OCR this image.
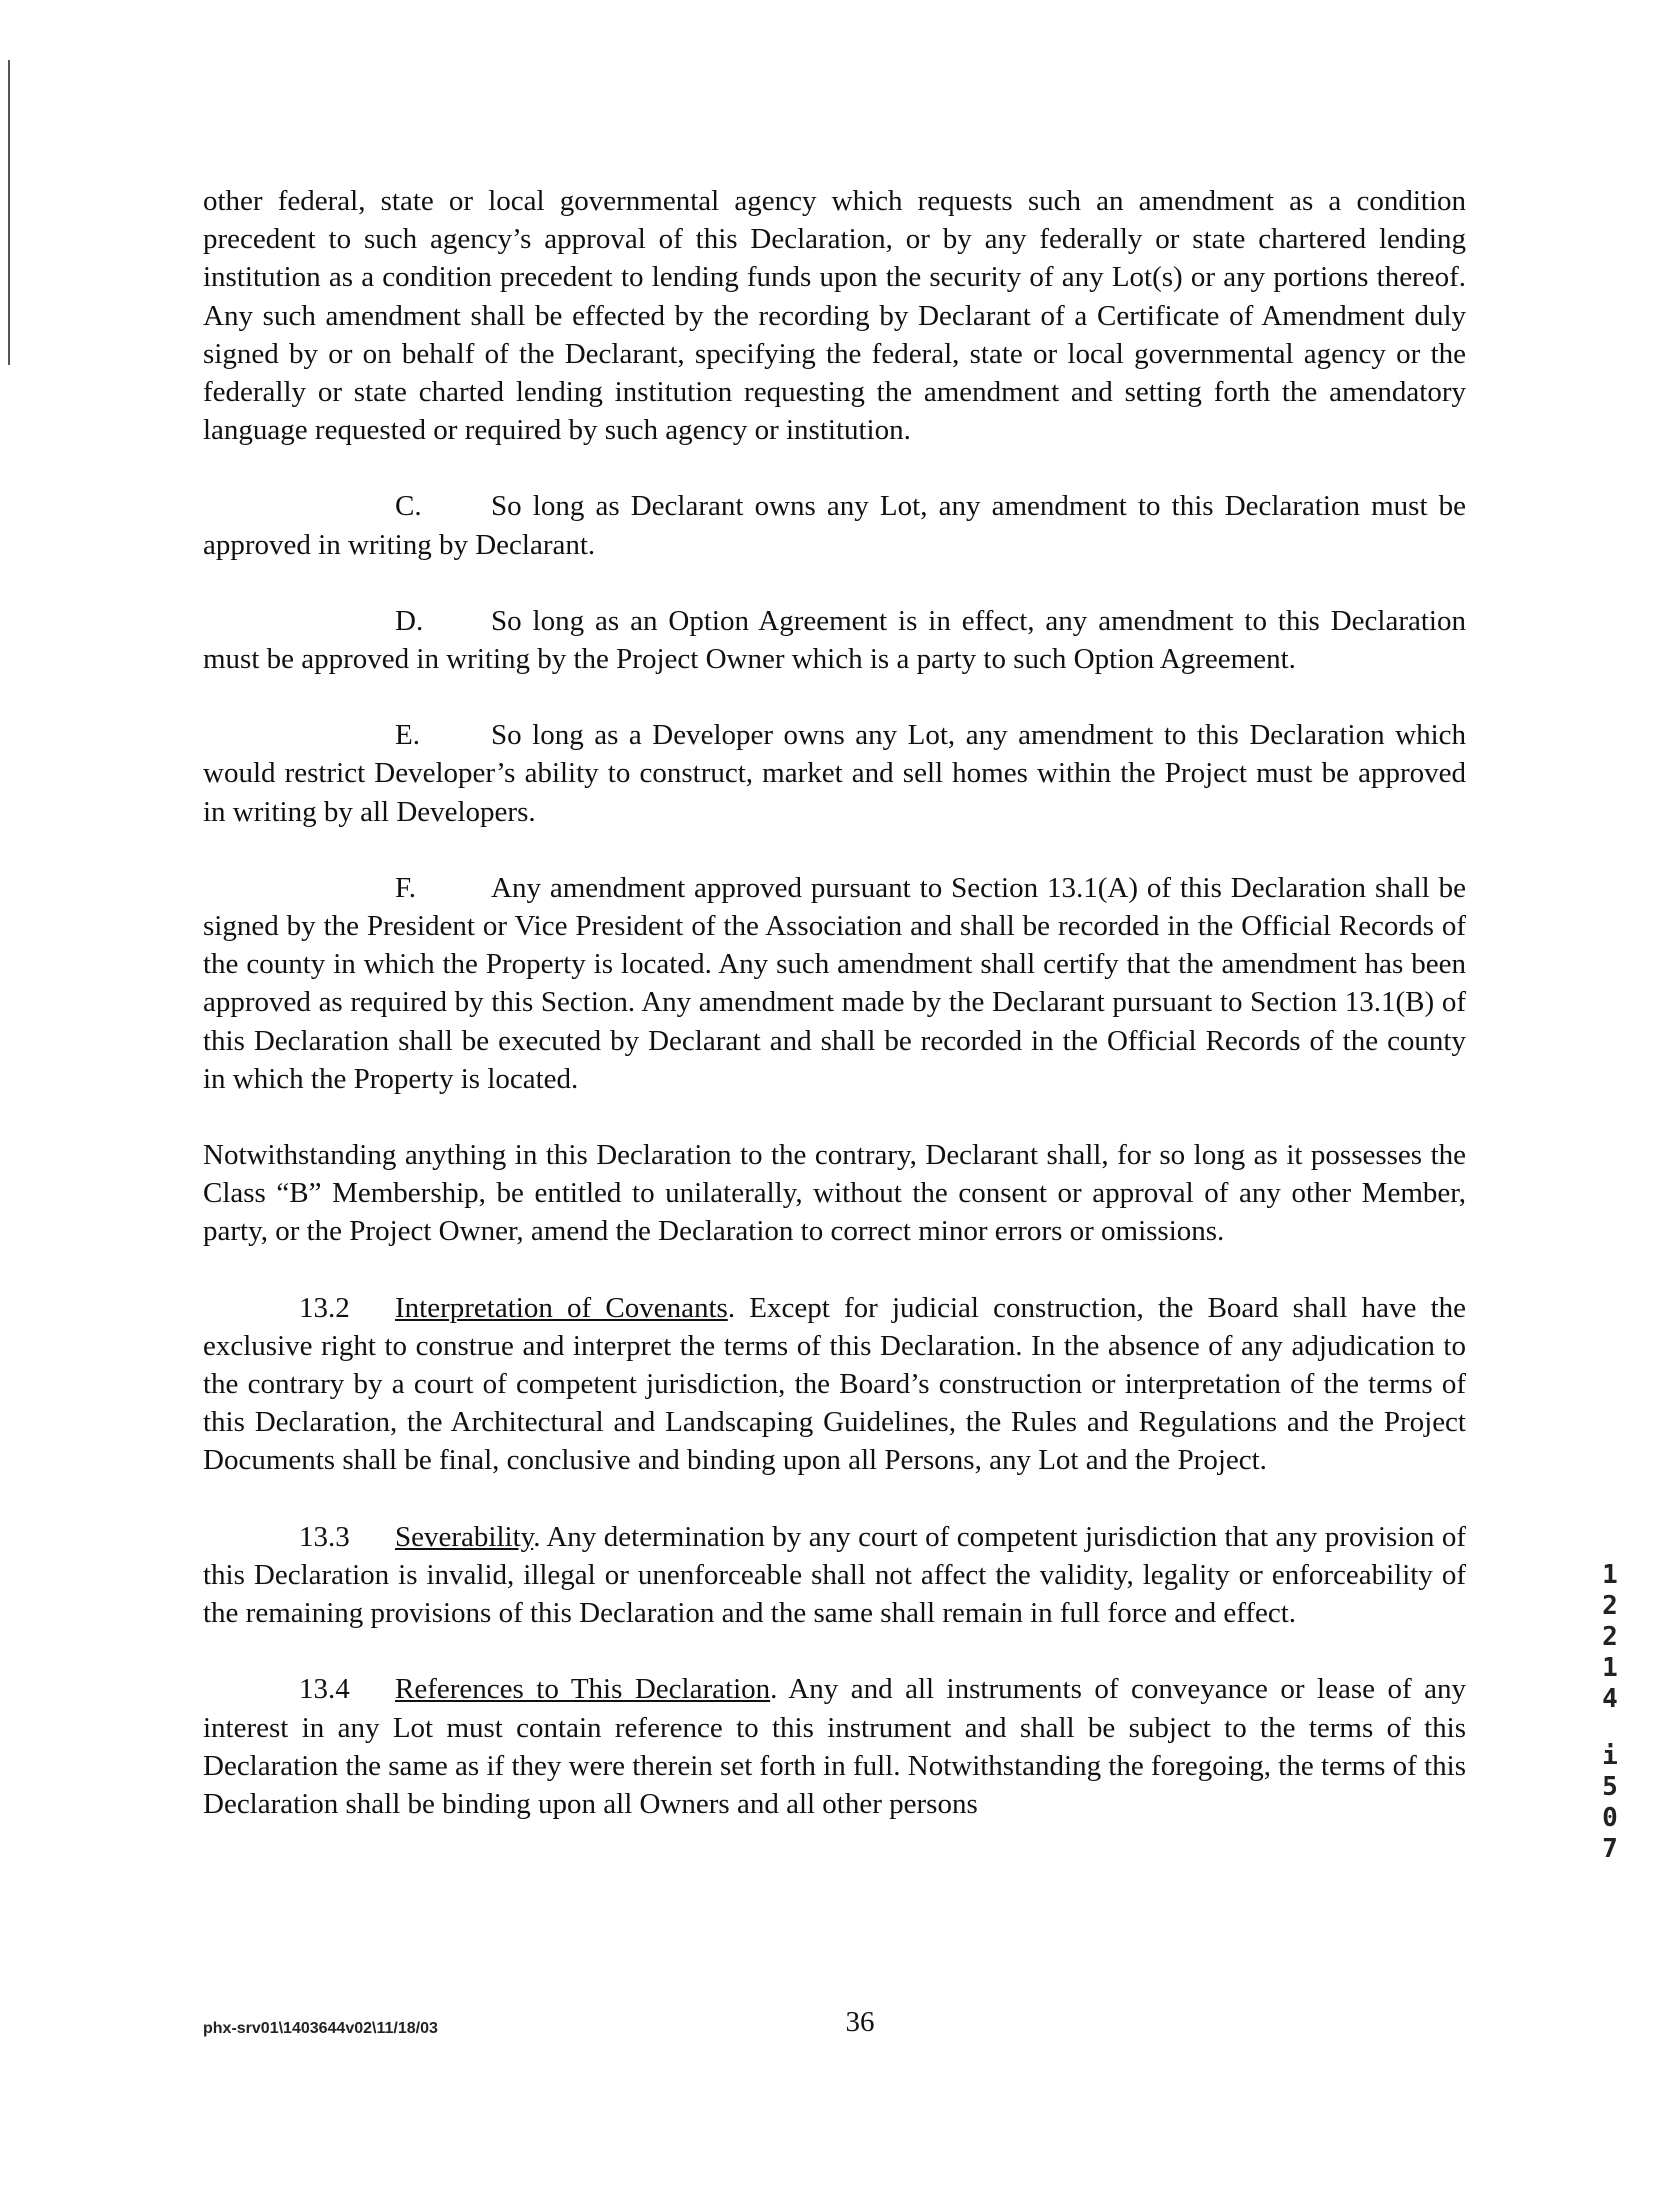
other federal, state or local governmental agency which requests such an amendment as a condition precedent to such agency’s approval of this Declaration, or by any federally or state chartered lending institution as a condition precedent to lending funds upon the security of any Lot(s) or any portions thereof. Any such amendment shall be effected by the recording by Declarant of a Certificate of Amendment duly signed by or on behalf of the Declarant, specifying the federal, state or local governmental agency or the federally or state charted lending institution requesting the amendment and setting forth the amendatory language requested or required by such agency or institution.

C. So long as Declarant owns any Lot, any amendment to this Declaration must be approved in writing by Declarant.

D. So long as an Option Agreement is in effect, any amendment to this Declaration must be approved in writing by the Project Owner which is a party to such Option Agreement.

E. So long as a Developer owns any Lot, any amendment to this Declaration which would restrict Developer’s ability to construct, market and sell homes within the Project must be approved in writing by all Developers.

F.	Any amendment approved pursuant to Section 13.1(A) of this Declaration shall be signed by the President or Vice President of the Association and shall be recorded in the Official Records of the county in which the Property is located. Any such amendment shall certify that the amendment has been approved as required by this Section. Any amendment made by the Declarant pursuant to Section 13.1(B) of this Declaration shall be executed by Declarant and shall be recorded in the Official Records of the county in which the Property is located.

Notwithstanding anything in this Declaration to the contrary, Declarant shall, for so long as it possesses the Class “B” Membership, be entitled to unilaterally, without the consent or approval of any other Member, party, or the Project Owner, amend the Declaration to correct minor errors or omissions.

13.2 Interpretation of Covenants. Except for judicial construction, the Board shall have the exclusive right to construe and interpret the terms of this Declaration. In the absence of any adjudication to the contrary by a court of competent jurisdiction, the Board’s construction or interpretation of the terms of this Declaration, the Architectural and Landscaping Guidelines, the Rules and Regulations and the Project Documents shall be final, conclusive and binding upon all Persons, any Lot and the Project.

13.3 Severability. Any determination by any court of competent jurisdiction that any provision of this Declaration is invalid, illegal or unenforceable shall not affect the validity, legality or enforceability of the remaining provisions of this Declaration and the same shall remain in full force and effect.

13.4 References to This Declaration. Any and all instruments of conveyance or lease of any interest in any Lot must contain reference to this instrument and shall be subject to the terms of this Declaration the same as if they were therein set forth in full. Notwithstanding the foregoing, the terms of this Declaration shall be binding upon all Owners and all other persons

1
2
2
1
4
i
5
0
7
phx-srv01\1403644v02\11/18/03	36
